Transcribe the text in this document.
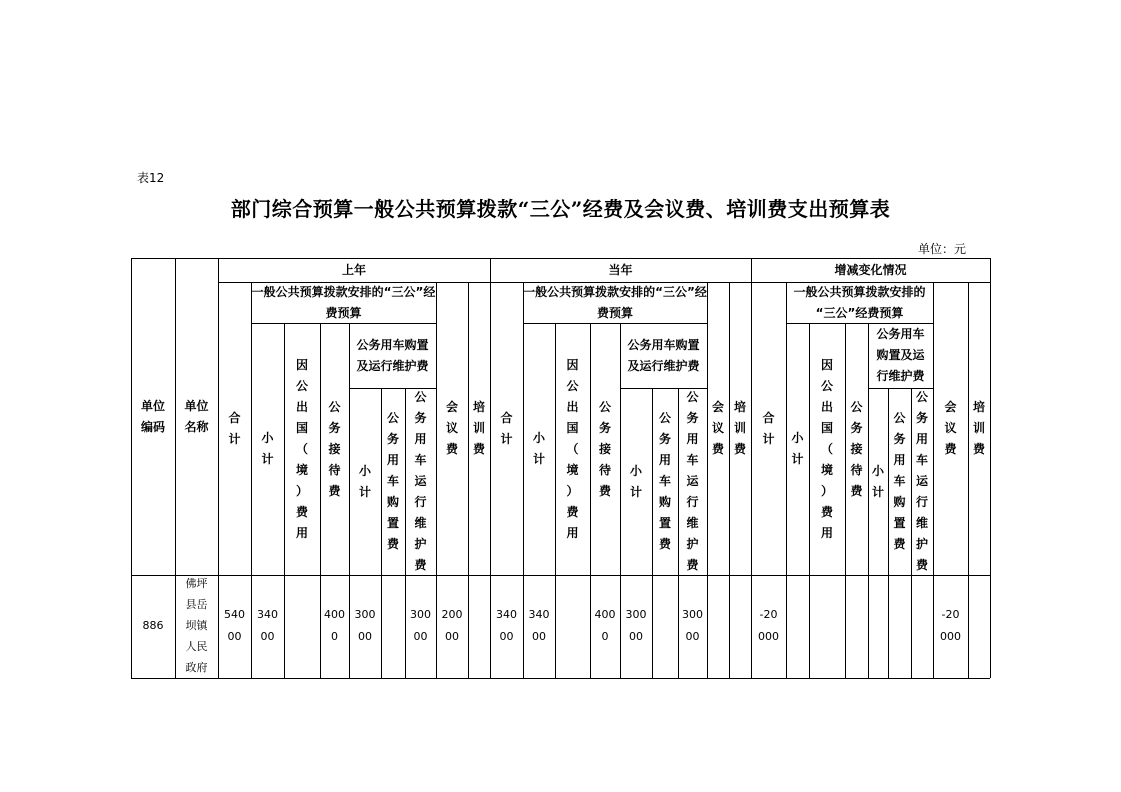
表12
部门综合预算一般公共预算拨款“三公”经费及会议费、培训费支出预算表
单位：元
单位
编码
单位
名称
上年
一般公共预算拨款安排的“三公”经
费预算
公务用车购置
及运行维护费
合
计 小
计
因
公
出
国
（
境
）
费
用
公
务
接
待
费
小
计
公
务
用
车
购
置
费
公
务
用
车
运
行
维
护
费
会
议
费
培
训
费
540
00
340
00
400
0
300
00
300
00
200
00
当年
一般公共预算拨款安排的“三公”经
费预算
公务用车购置
及运行维护费
合
计 小
计
因
公
出
国
（
境
）
费
用
公
务
接
待
费
小
计
公
务
用
车
购
置
费
公
务
用
车
运
行
维
护
费
会
议
费
培
训
费
340
00
340
00
400
0
300
00
300
00
增减变化情况
一般公共预算拨款安排的
“三公”经费预算
公务用车
购置及运
行维护费
合
计 小
计
因
公
出
国
（
境
）
费
用
公
务
接
待
费
小
计
公
务
用
车
购
置
费
公
务
用
车
运
行
维
护
费
会
议
费
培
训
费
-20
000
-20
000
886
佛坪
县岳
坝镇
人民
政府
